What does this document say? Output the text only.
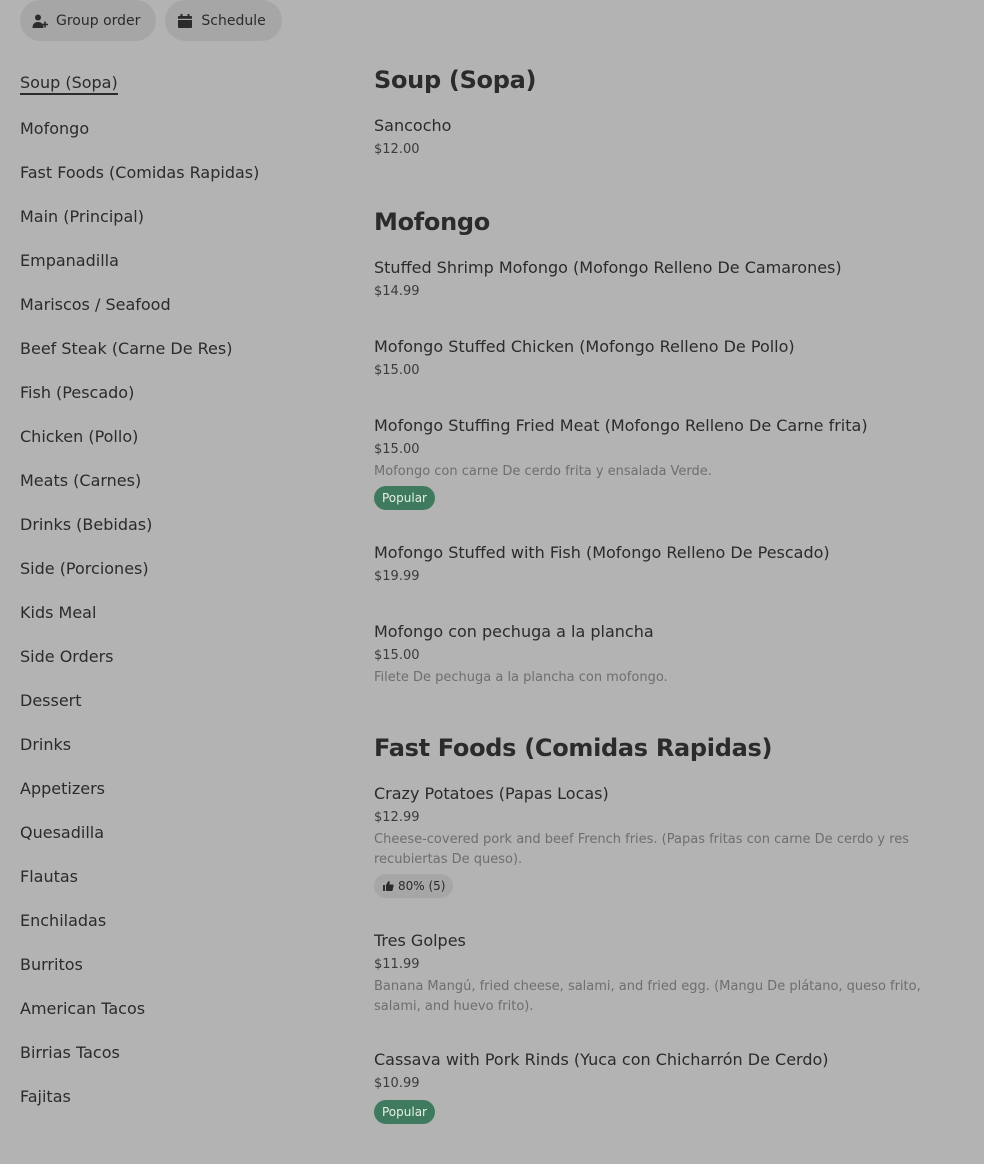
Group order	Schedule
Soup (Sopa)
Mofongo
Fast Foods (Comidas Rapidas)
Main (Principal)
Empanadilla
Mariscos / Seafood
Beef Steak (Carne De Res)
Fish (Pescado)
Chicken (Pollo)
Meats (Carnes)
Drinks (Bebidas)
Side (Porciones)
Kids Meal
Side Orders
Dessert
Drinks
Appetizers
Quesadilla
Flautas
Enchiladas
Burritos
American Tacos
Birrias Tacos
Fajitas
Soup (Sopa)
Sancocho
$12.00
Mofongo
Stuffed Shrimp Mofongo (Mofongo Relleno De Camarones)
$14.99
Mofongo Stuffed Chicken (Mofongo Relleno De Pollo)
$15.00
Mofongo Stuffing Fried Meat (Mofongo Relleno De Carne frita)
$15.00
Mofongo con carne De cerdo frita y ensalada Verde.
Popular
Mofongo Stuffed with Fish (Mofongo Relleno De Pescado)
$19.99
Mofongo con pechuga a la plancha
$15.00
Filete De pechuga a la plancha con mofongo.
Fast Foods (Comidas Rapidas)
Crazy Potatoes (Papas Locas)
$12.99
Cheese-covered pork and beef French fries. (Papas fritas con carne De cerdo y res recubiertas De queso).
80% (5)
Tres Golpes
$11.99
Banana Mangú, fried cheese, salami, and fried egg. (Mangu De plátano, queso frito, salami, and huevo frito).
Cassava with Pork Rinds (Yuca con Chicharrón De Cerdo)
$10.99
Popular
